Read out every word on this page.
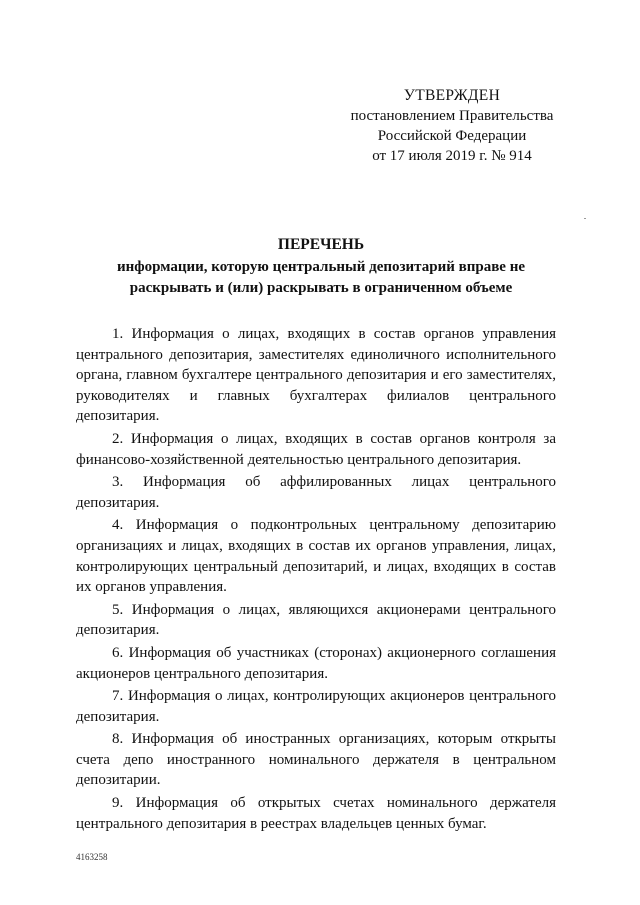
УТВЕРЖДЕН
постановлением Правительства
Российской Федерации
от 17 июля 2019 г. № 914
ПЕРЕЧЕНЬ
информации, которую центральный депозитарий вправе не
раскрывать и (или) раскрывать в ограниченном объеме

1. Информация о лицах, входящих в состав органов управления центрального депозитария, заместителях единоличного исполнительного органа, главном бухгалтере центрального депозитария и его заместителях, руководителях и главных бухгалтерах филиалов центрального депозитария.

2. Информация о лицах, входящих в состав органов контроля за финансово-хозяйственной деятельностью центрального депозитария.

3. Информация об аффилированных лицах центрального депозитария.

4. Информация о подконтрольных центральному депозитарию организациях и лицах, входящих в состав их органов управления, лицах, контролирующих центральный депозитарий, и лицах, входящих в состав их органов управления.

5. Информация о лицах, являющихся акционерами центрального депозитария.

6. Информация об участниках (сторонах) акционерного соглашения акционеров центрального депозитария.

7. Информация о лицах, контролирующих акционеров центрального депозитария.

8. Информация об иностранных организациях, которым открыты счета депо иностранного номинального держателя в центральном депозитарии.

9. Информация об открытых счетах номинального держателя центрального депозитария в реестрах владельцев ценных бумаг.

4163258
